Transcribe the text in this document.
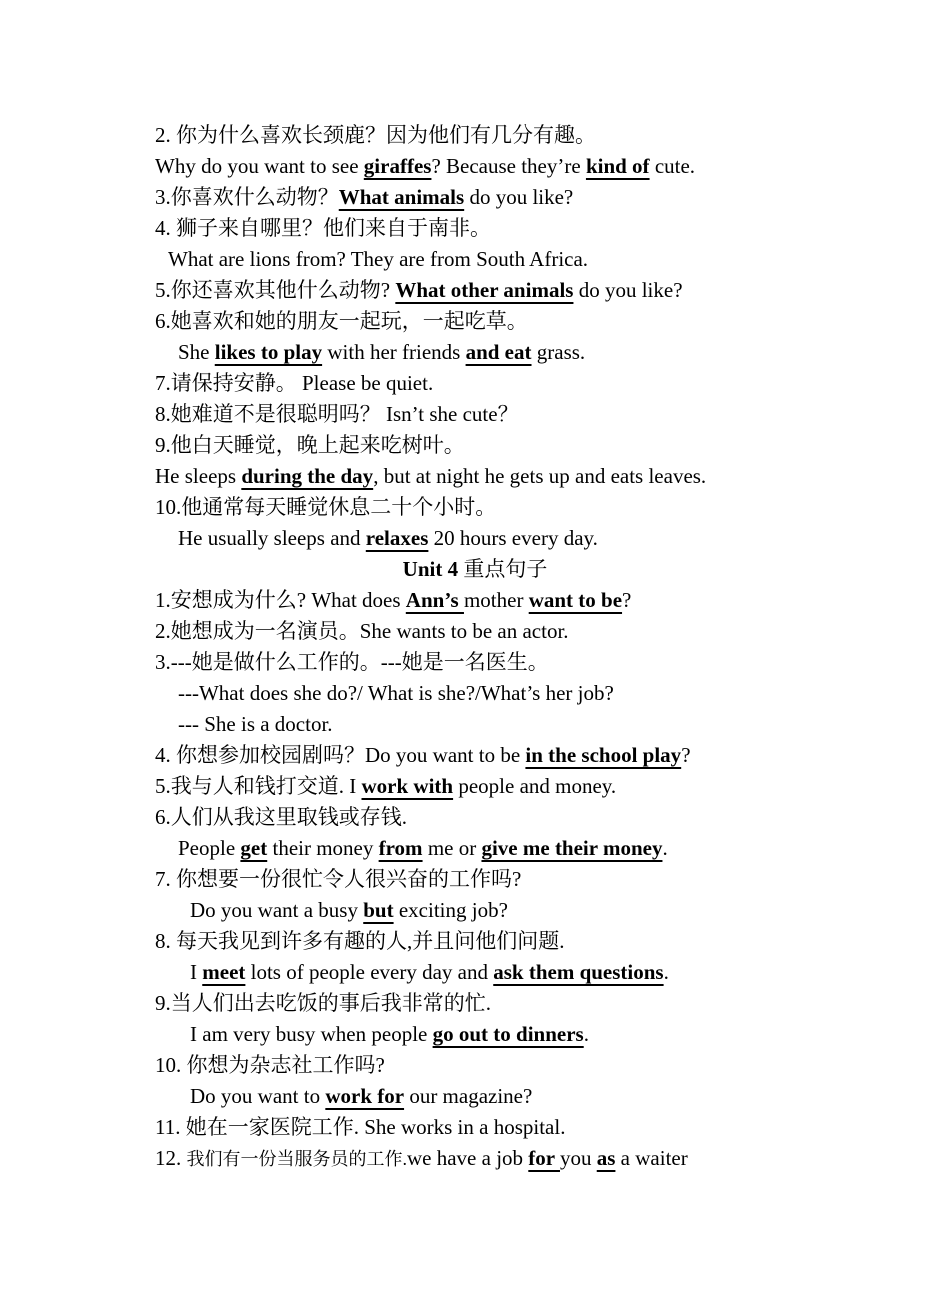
2. 你为什么喜欢长颈鹿？因为他们有几分有趣。
Why do you want to see giraffes? Because they’re kind of cute.
3.你喜欢什么动物？What animals do you like?
4. 狮子来自哪里？他们来自于南非。
What are lions from? They are from South Africa.
5.你还喜欢其他什么动物? What other animals do you like?
6.她喜欢和她的朋友一起玩，一起吃草。
She likes to play with her friends and eat grass.
7.请保持安静。 Please be quiet.
8.她难道不是很聪明吗？ Isn’t she cute？
9.他白天睡觉，晚上起来吃树叶。
He sleeps during the day, but at night he gets up and eats leaves.
10.他通常每天睡觉休息二十个小时。
He usually sleeps and relaxes 20 hours every day.
Unit 4 重点句子
1.安想成为什么? What does Ann’s mother want to be?
2.她想成为一名演员。She wants to be an actor.
3.---她是做什么工作的。---她是一名医生。
---What does she do?/ What is she?/What’s her job?
--- She is a doctor.
4. 你想参加校园剧吗？Do you want to be in the school play?
5.我与人和钱打交道. I work with people and money.
6.人们从我这里取钱或存钱.
People get their money from me or give me their money.
7. 你想要一份很忙令人很兴奋的工作吗?
Do you want a busy but exciting job?
8. 每天我见到许多有趣的人,并且问他们问题.
I meet lots of people every day and ask them questions.
9.当人们出去吃饭的事后我非常的忙.
I am very busy when people go out to dinners.
10. 你想为杂志社工作吗?
Do you want to work for our magazine?
11. 她在一家医院工作. She works in a hospital.
12. 我们有一份当服务员的工作.we have a job for you as a waiter
